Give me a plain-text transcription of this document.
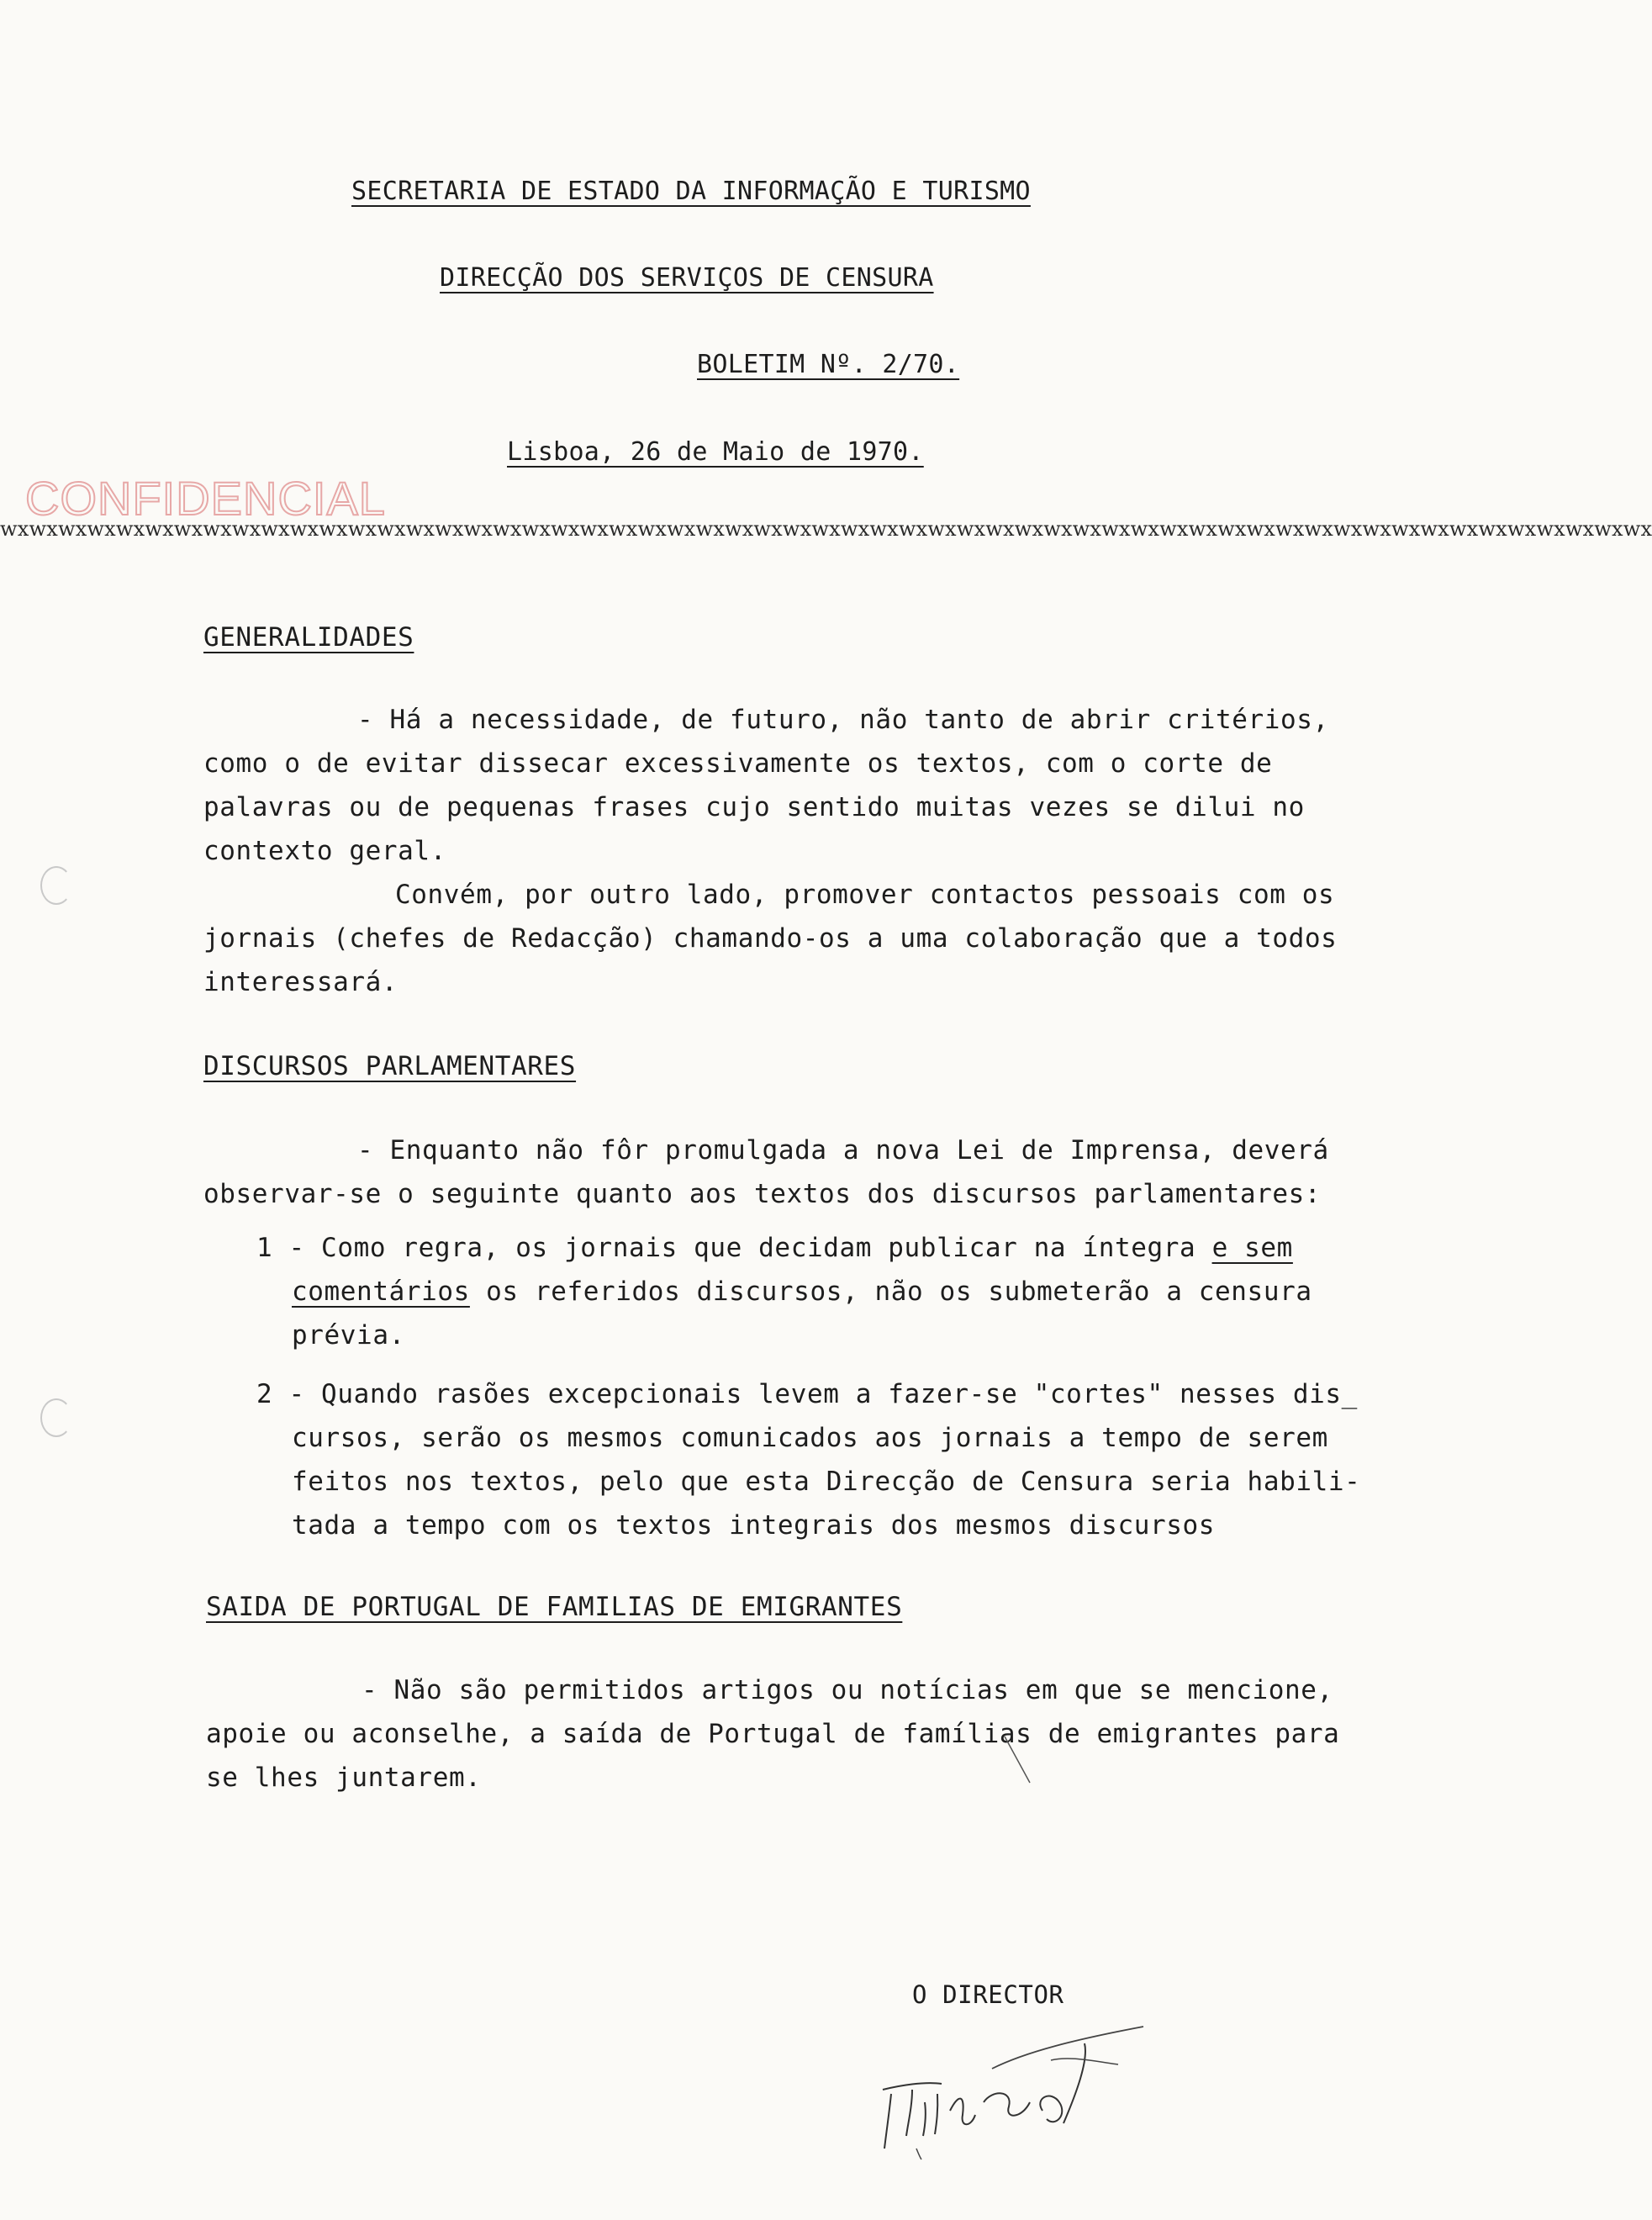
SECRETARIA DE ESTADO DA INFORMAÇÃO E TURISMO
DIRECÇÃO DOS SERVIÇOS DE CENSURA
BOLETIM Nº. 2/70.
Lisboa, 26 de Maio de 1970.
CONFIDENCIAL
wxwxwxwxwxwxwxwxwxwxwxwxwxwxwxwxwxwxwxwxwxwxwxwxwxwxwxwxwxwxwxwxwxwxwxwxwxwxwxwxwxwxwxwxwxwxwxwxwxwxwxwxwxwxwxwxwx
GENERALIDADES
- Há a necessidade, de futuro, não tanto de abrir critérios,
como o de evitar dissecar excessivamente os textos, com o corte de
palavras ou de pequenas frases cujo sentido muitas vezes se dilui no
contexto geral.
Convém, por outro lado, promover contactos pessoais com os
jornais (chefes de Redacção) chamando-os a uma colaboração que a todos
interessará.
DISCURSOS PARLAMENTARES
- Enquanto não fôr promulgada a nova Lei de Imprensa, deverá
observar-se o seguinte quanto aos textos dos discursos parlamentares:
1 - Como regra, os jornais que decidam publicar na íntegra e sem
comentários os referidos discursos, não os submeterão a censura
prévia.
2 - Quando rasões excepcionais levem a fazer-se "cortes" nesses dis_
cursos, serão os mesmos comunicados aos jornais a tempo de serem
feitos nos textos, pelo que esta Direcção de Censura seria habili-
tada a tempo com os textos integrais dos mesmos discursos
SAIDA DE PORTUGAL DE FAMILIAS DE EMIGRANTES
- Não são permitidos artigos ou notícias em que se mencione,
apoie ou aconselhe, a saída de Portugal de famílias de emigrantes para
se lhes juntarem.
O DIRECTOR
